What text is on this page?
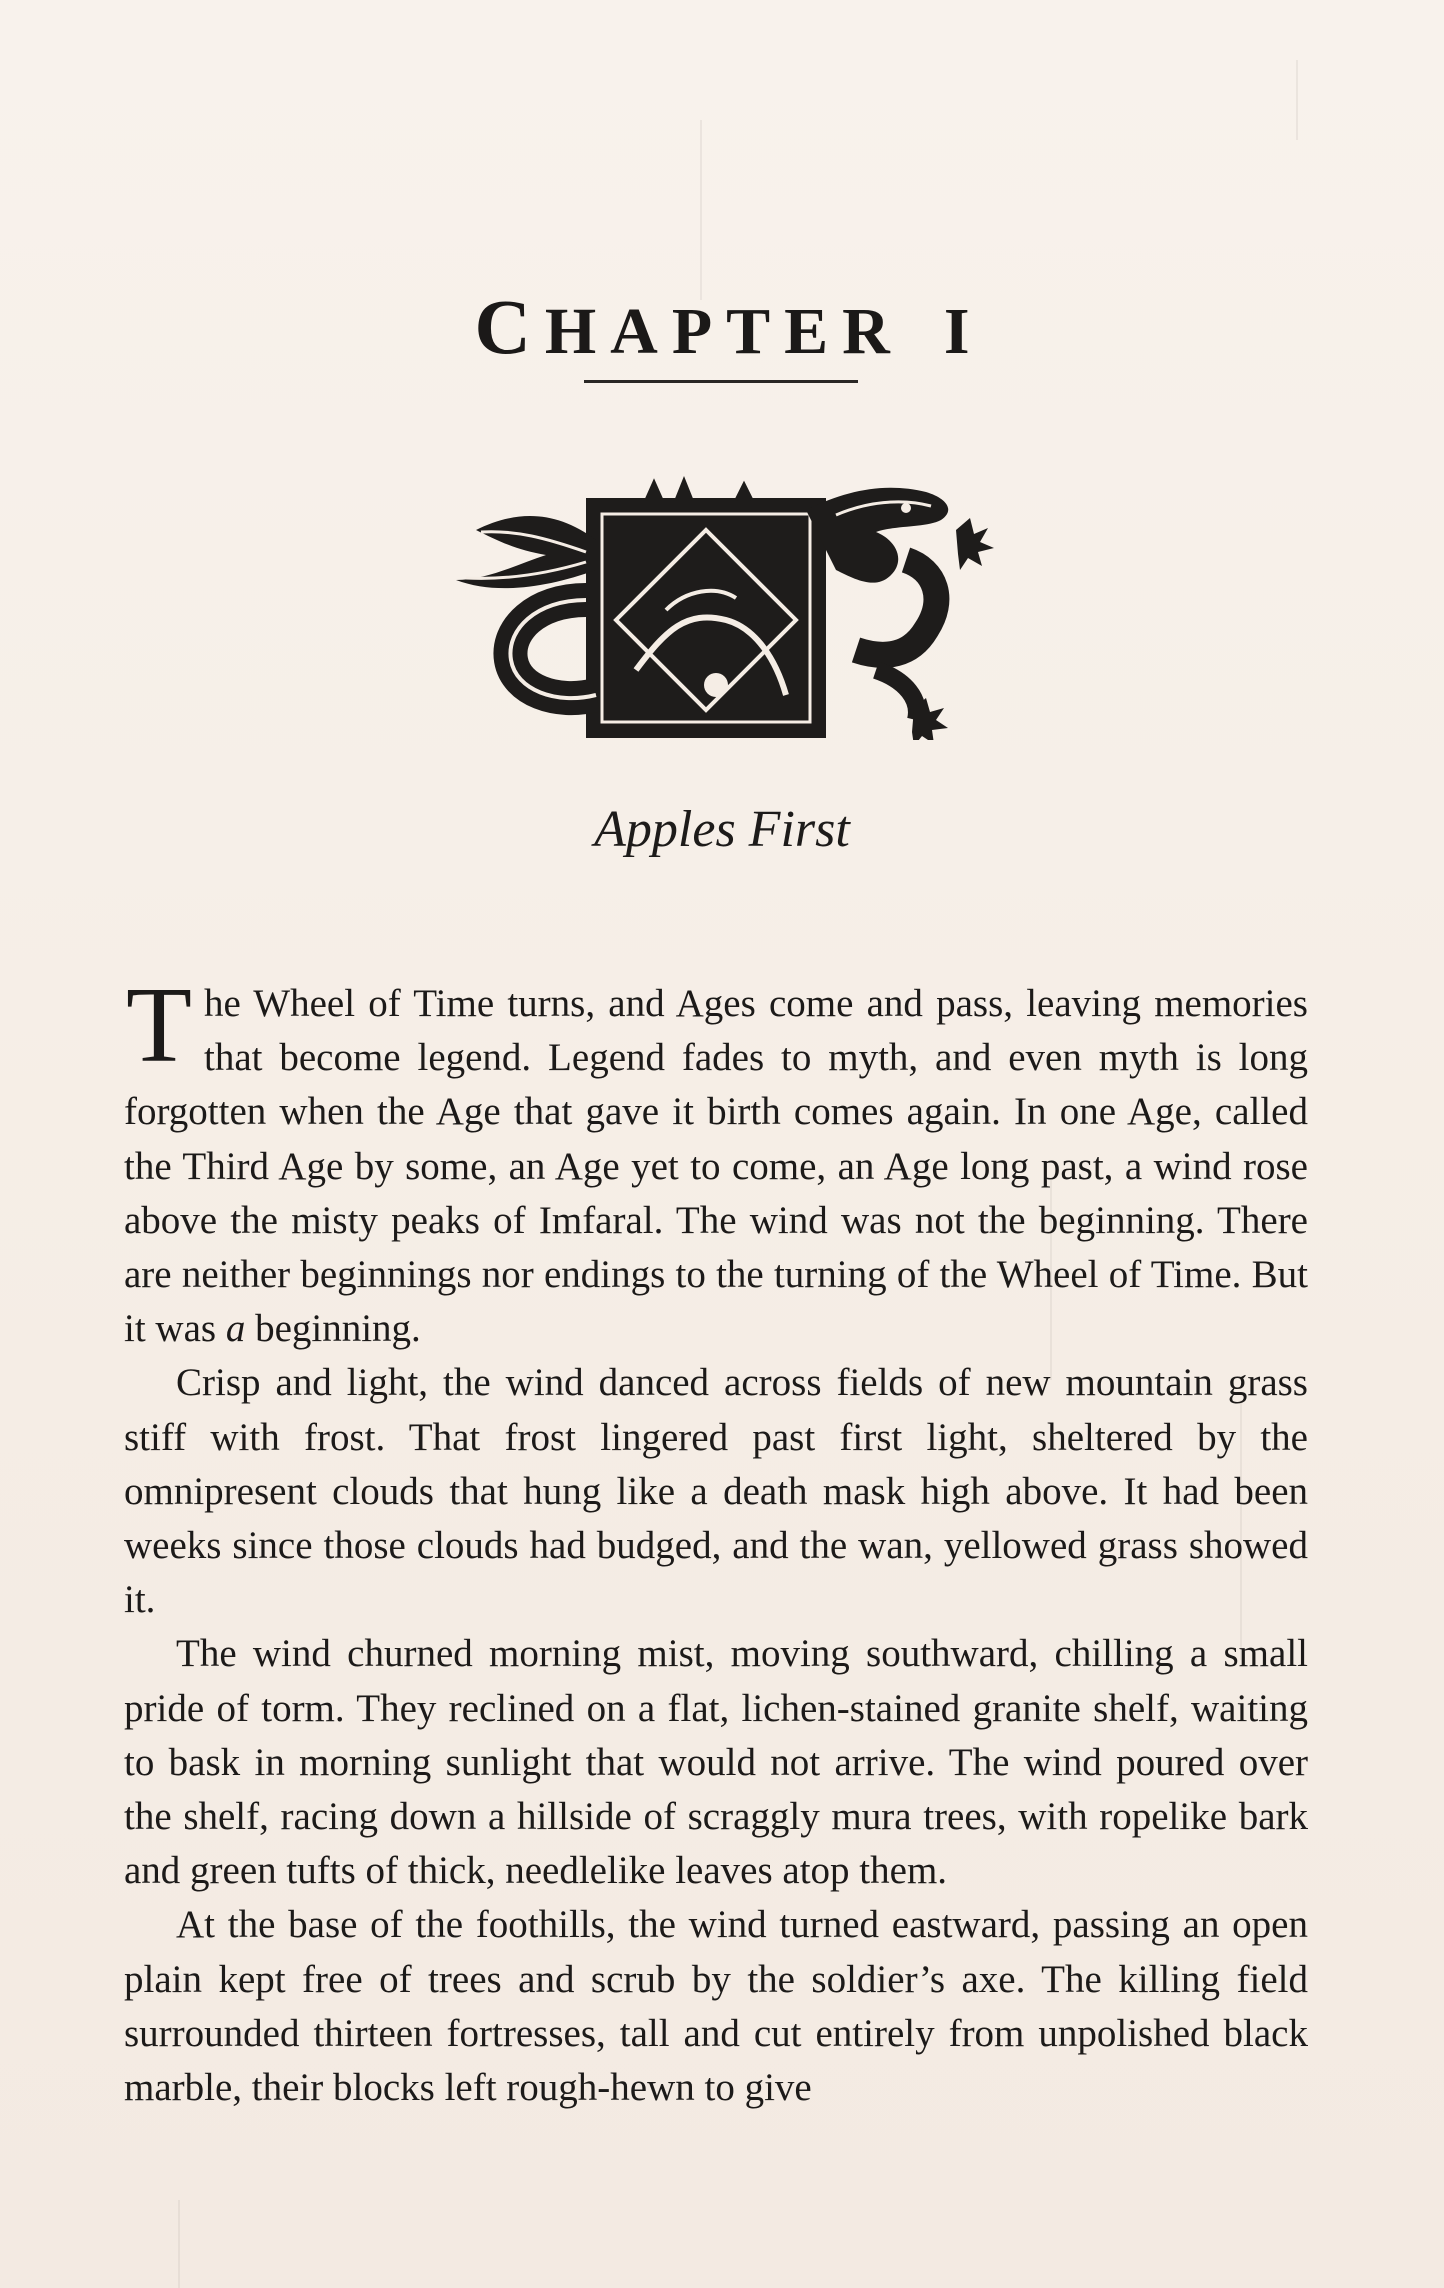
CHAPTER I
Apples First

The Wheel of Time turns, and Ages come and pass, leaving memories that become legend. Legend fades to myth, and even myth is long forgotten when the Age that gave it birth comes again. In one Age, called the Third Age by some, an Age yet to come, an Age long past, a wind rose above the misty peaks of Imfaral. The wind was not the beginning. There are neither beginnings nor endings to the turning of the Wheel of Time. But it was a beginning.

Crisp and light, the wind danced across fields of new mountain grass stiff with frost. That frost lingered past first light, sheltered by the omnipresent clouds that hung like a death mask high above. It had been weeks since those clouds had budged, and the wan, yellowed grass showed it.

The wind churned morning mist, moving southward, chilling a small pride of torm. They reclined on a flat, lichen-stained granite shelf, waiting to bask in morning sunlight that would not arrive. The wind poured over the shelf, racing down a hillside of scraggly mura trees, with ropelike bark and green tufts of thick, needlelike leaves atop them.

At the base of the foothills, the wind turned eastward, passing an open plain kept free of trees and scrub by the soldier’s axe. The killing field surrounded thirteen fortresses, tall and cut entirely from unpolished black marble, their blocks left rough-hewn to give
